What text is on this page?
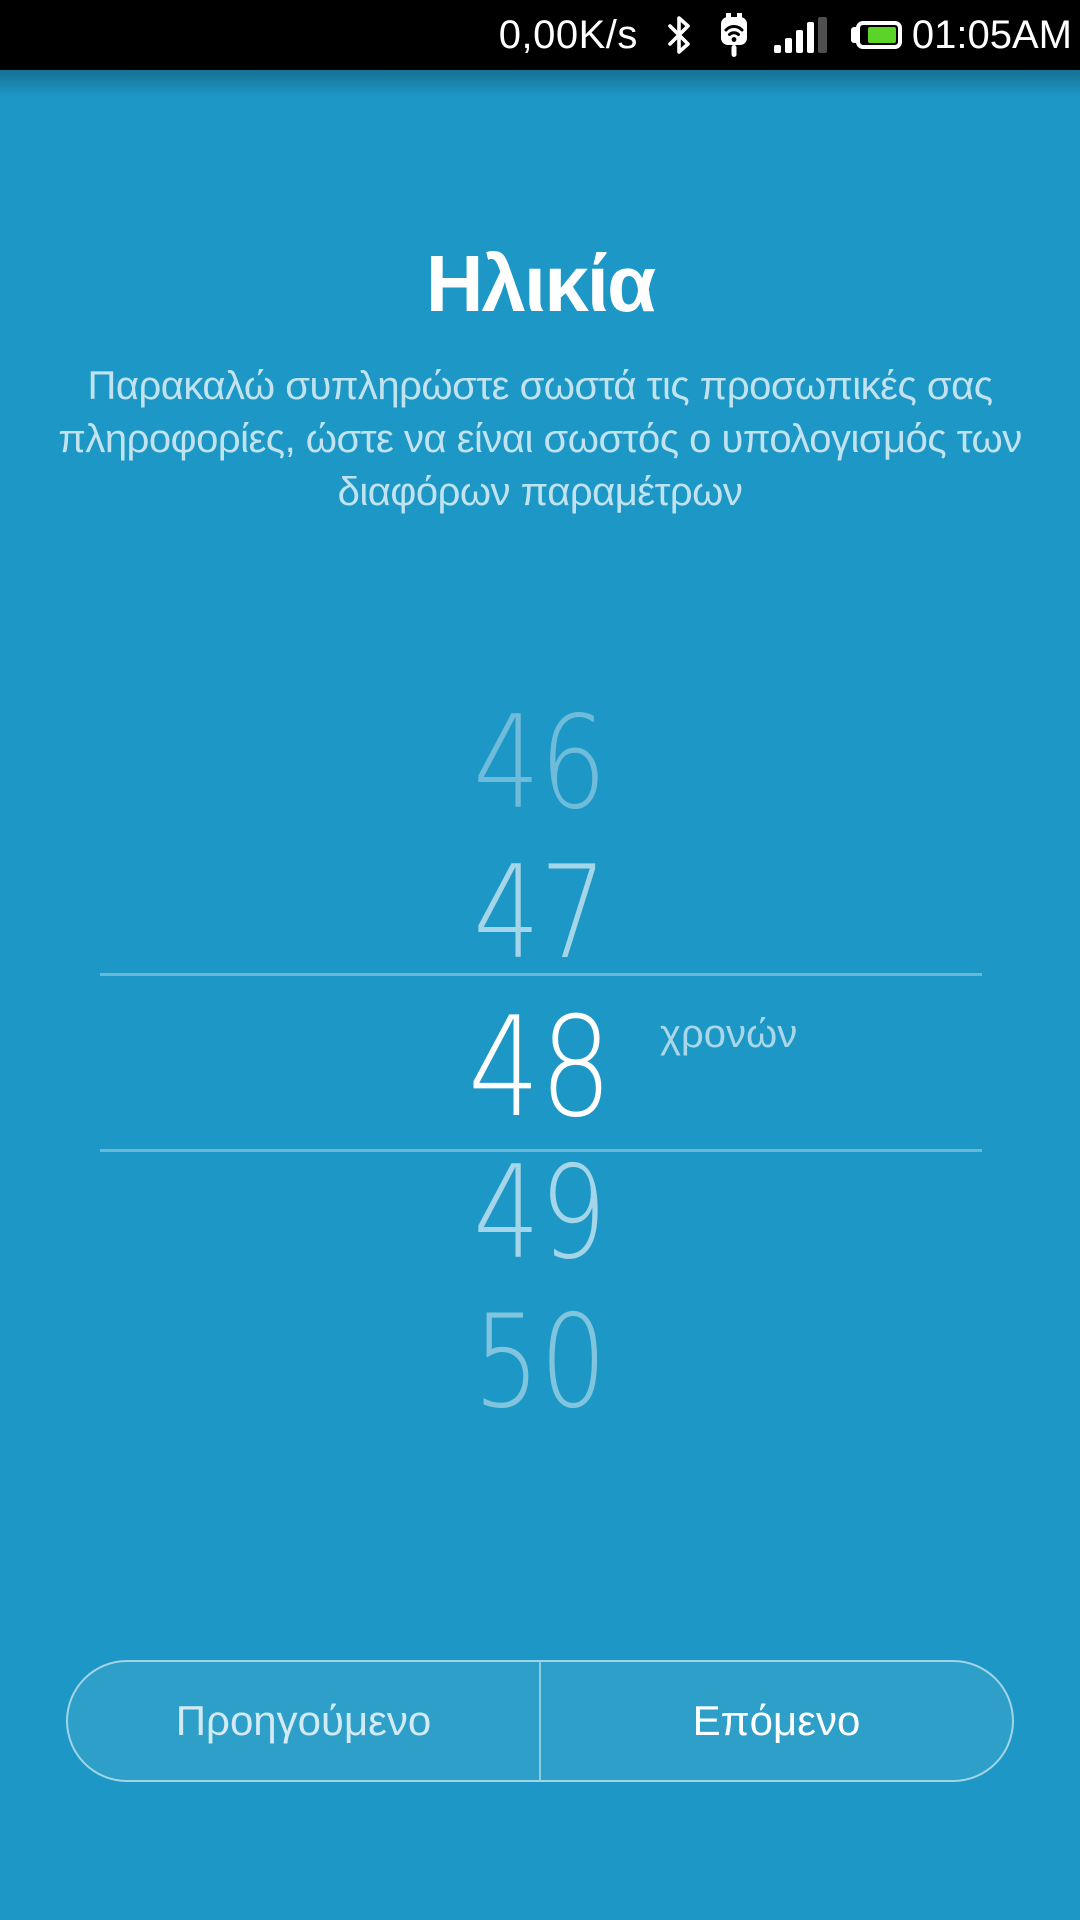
0,00K/s	01:05AM
Ηλικία

Παρακαλώ συπληρώστε σωστά τις προσωπικές σας
πληροφορίες, ώστε να είναι σωστός ο υπολογισμός των
διαφόρων παραμέτρων

46
47
48
49
50
χρονών
Προηγούμενο	Επόμενο
